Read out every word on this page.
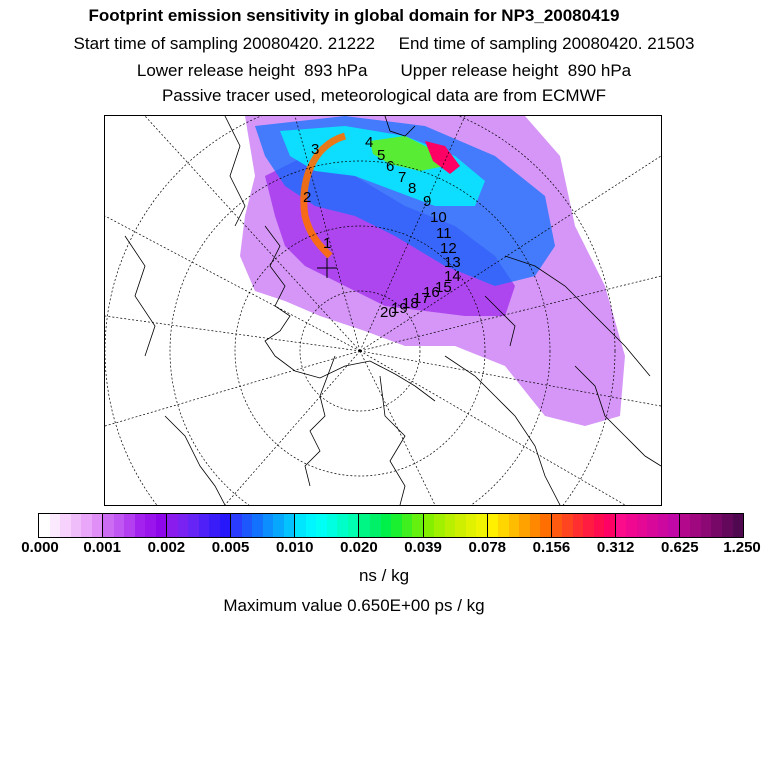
Footprint emission sensitivity in global domain for NP3_20080419
Start time of sampling 20080420. 21222 End time of sampling 20080420. 21503
Lower release height  893 hPa Upper release height  890 hPa
Passive tracer used, meteorological data are from ECMWF
1
2
3	4
5
6
7
8
9
10
11
12
13
14
15
16
17
18
19
20
0.000 0.001 0.002 0.005 0.010 0.020 0.039 0.078 0.156 0.312 0.625 1.250
ns / kg
Maximum value 0.650E+00 ps / kg
